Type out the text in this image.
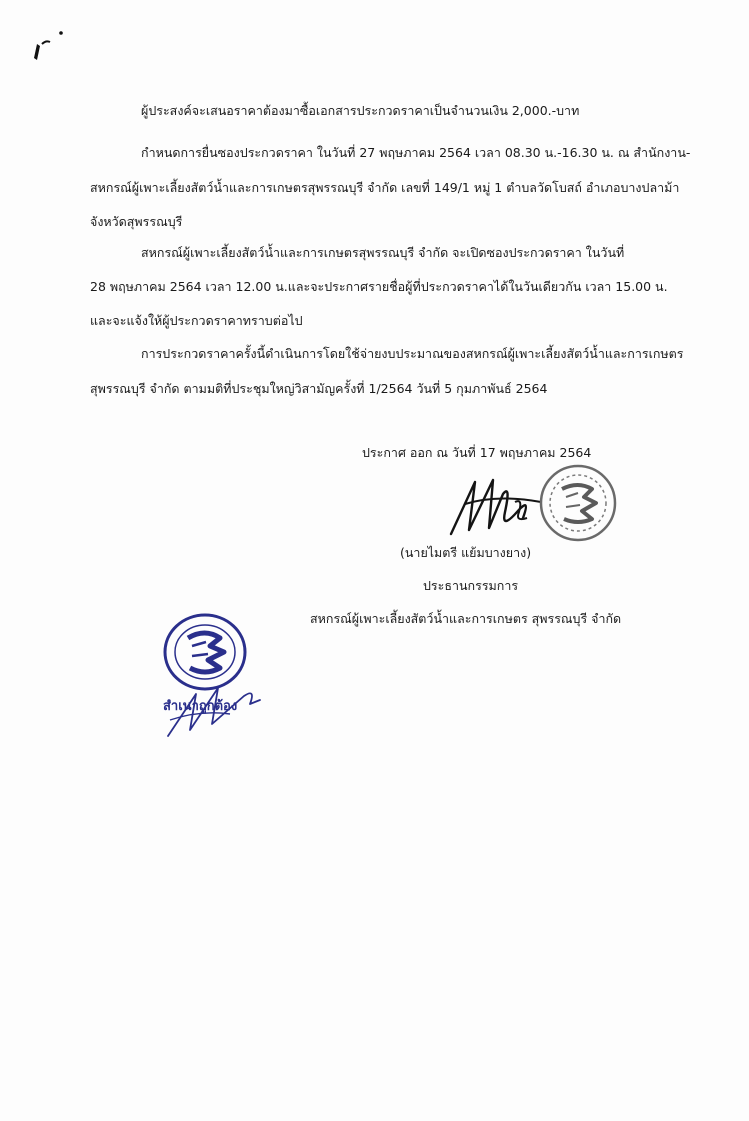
ผู้ประสงค์จะเสนอราคาต้องมาซื้อเอกสารประกวดราคาเป็นจำนวนเงิน 2,000.-บาท
กำหนดการยื่นซองประกวดราคา ในวันที่ 27 พฤษภาคม 2564 เวลา 08.30 น.-16.30 น. ณ สำนักงาน-
สหกรณ์ผู้เพาะเลี้ยงสัตว์น้ำและการเกษตรสุพรรณบุรี จำกัด เลขที่ 149/1 หมู่ 1 ตำบลวัดโบสถ์ อำเภอบางปลาม้า
จังหวัดสุพรรณบุรี
สหกรณ์ผู้เพาะเลี้ยงสัตว์น้ำและการเกษตรสุพรรณบุรี จำกัด จะเปิดซองประกวดราคา ในวันที่
28 พฤษภาคม 2564 เวลา 12.00 น.และจะประกาศรายชื่อผู้ที่ประกวดราคาได้ในวันเดียวกัน เวลา 15.00 น.
และจะแจ้งให้ผู้ประกวดราคาทราบต่อไป
การประกวดราคาครั้งนี้ดำเนินการโดยใช้จ่ายงบประมาณของสหกรณ์ผู้เพาะเลี้ยงสัตว์น้ำและการเกษตร
สุพรรณบุรี จำกัด ตามมติที่ประชุมใหญ่วิสามัญครั้งที่ 1/2564 วันที่ 5 กุมภาพันธ์ 2564
ประกาศ ออก ณ วันที่ 17 พฤษภาคม 2564
(นายไมตรี แย้มบางยาง)
ประธานกรรมการ
สหกรณ์ผู้เพาะเลี้ยงสัตว์น้ำและการเกษตร สุพรรณบุรี จำกัด
สำเนาถูกต้อง
